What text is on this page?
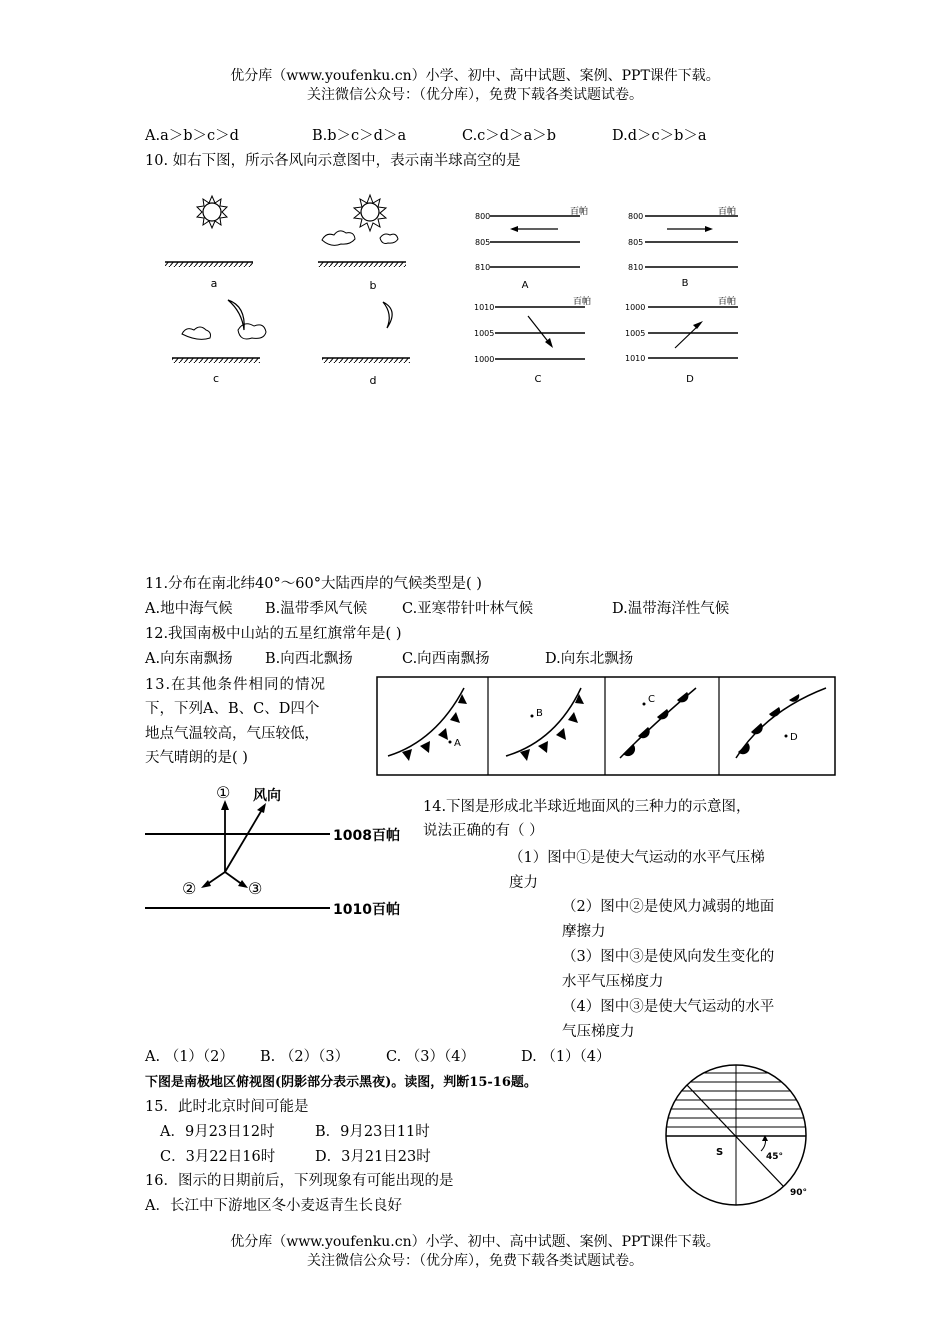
优分库（www.youfenku.cn）小学、初中、高中试题、案例、PPT课件下载。
关注微信公众号：（优分库），免费下载各类试题试卷。
A.a＞b＞c＞d	B.b＞c＞d＞a	C.c＞d＞a＞b	D.d＞c＞b＞a
10. 如右下图，所示各风向示意图中，表示南半球高空的是
a	b
c	d
百帕
800
805
810
A
百帕
800
805
810
B
百帕
1010
1005
1000
C
百帕
1000
1005
1010
D
11.分布在南北纬40°～60°大陆西岸的气候类型是( )
A.地中海气候 B.温带季风气候 C.亚寒带针叶林气候	D.温带海洋性气候
12.我国南极中山站的五星红旗常年是( )
A.向东南飘扬 B.向西北飘扬	C.向西南飘扬	D.向东北飘扬
13.在其他条件相同的情况
下，下列A、B、C、D四个
地点气温较高，气压较低，
天气晴朗的是( )
A
B
C
D
1008百帕
1010百帕
① 风向
②	③
14.下图是形成北半球近地面风的三种力的示意图，
说法正确的有（ ）
（1）图中①是使大气运动的水平气压梯
度力
（2）图中②是使风力减弱的地面
摩擦力
（3）图中③是使风向发生变化的
水平气压梯度力
（4）图中③是使大气运动的水平
气压梯度力
A. （1）（2） B. （2）（3）	C. （3）（4）	D. （1）（4）
下图是南极地区俯视图(阴影部分表示黑夜)。读图，判断15-16题。
15．此时北京时间可能是
A．9月23日12时	B．9月23日11时
C．3月22日16时	D．3月21日23时
16．图示的日期前后，下列现象有可能出现的是
A．长江中下游地区冬小麦返青生长良好
S	45°
90°
优分库（www.youfenku.cn）小学、初中、高中试题、案例、PPT课件下载。
关注微信公众号：（优分库），免费下载各类试题试卷。
